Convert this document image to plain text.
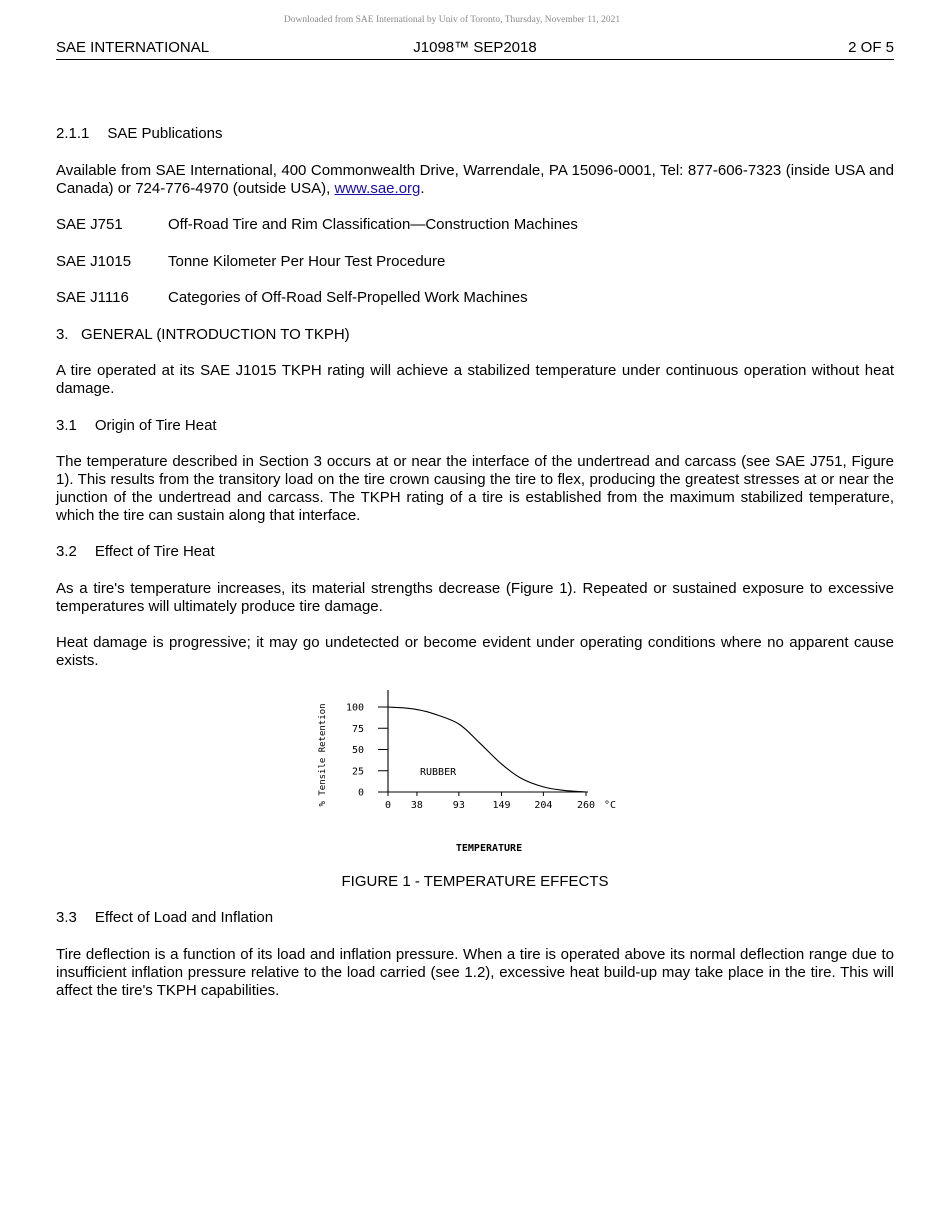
Downloaded from SAE International by Univ of Toronto, Thursday, November 11, 2021
SAE INTERNATIONAL	J1098™ SEP2018	2 OF 5
2.1.1 SAE Publications
Available from SAE International, 400 Commonwealth Drive, Warrendale, PA 15096-0001, Tel: 877-606-7323 (inside USA and Canada) or 724-776-4970 (outside USA), www.sae.org.
SAE J751	Off-Road Tire and Rim Classification—Construction Machines
SAE J1015 Tonne Kilometer Per Hour Test Procedure
SAE J1116	Categories of Off-Road Self-Propelled Work Machines
3.   GENERAL (INTRODUCTION TO TKPH)
A tire operated at its SAE J1015 TKPH rating will achieve a stabilized temperature under continuous operation without heat damage.
3.1 Origin of Tire Heat
The temperature described in Section 3 occurs at or near the interface of the undertread and carcass (see SAE J751, Figure 1). This results from the transitory load on the tire crown causing the tire to flex, producing the greatest stresses at or near the junction of the undertread and carcass. The TKPH rating of a tire is established from the maximum stabilized temperature, which the tire can sustain along that interface.
3.2 Effect of Tire Heat
As a tire's temperature increases, its material strengths decrease (Figure 1). Repeated or sustained exposure to excessive temperatures will ultimately produce tire damage.
Heat damage is progressive; it may go undetected or become evident under operating conditions where no apparent cause exists.
0
25
50
75
100
0 38	93	149 204 260
RUBBER
% Tensile Retention	°C
TEMPERATURE
FIGURE 1 - TEMPERATURE EFFECTS
3.3 Effect of Load and Inflation
Tire deflection is a function of its load and inflation pressure. When a tire is operated above its normal deflection range due to insufficient inflation pressure relative to the load carried (see 1.2), excessive heat build-up may take place in the tire. This will affect the tire's TKPH capabilities.
